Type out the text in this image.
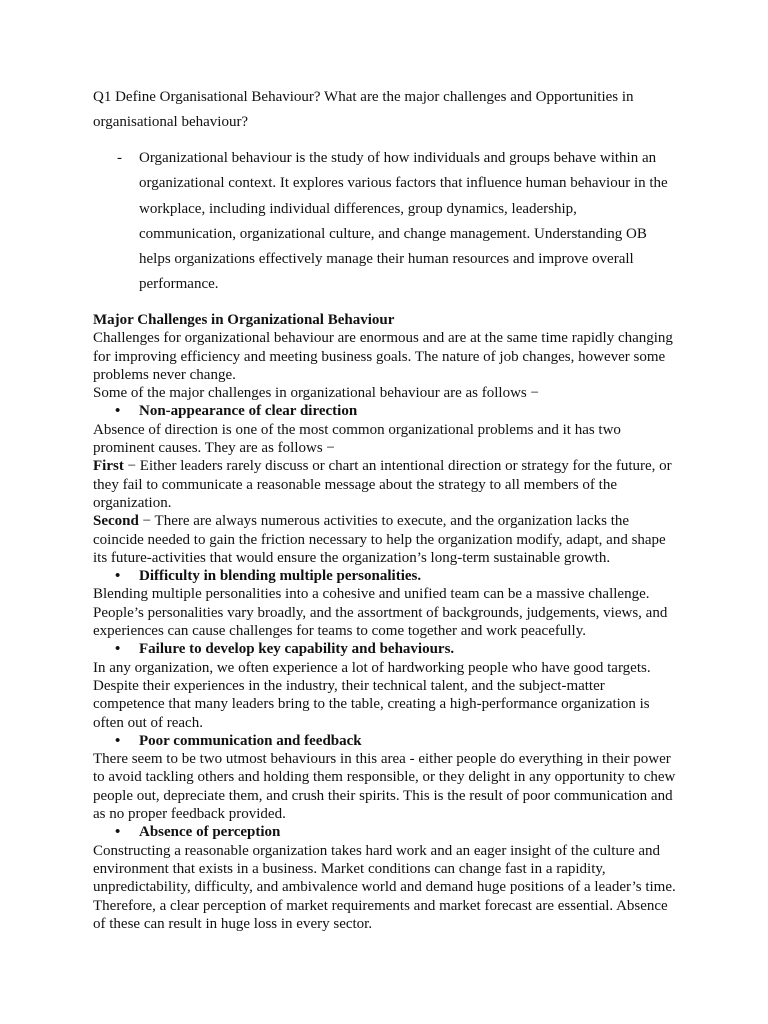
Q1 Define Organisational Behaviour? What are the major challenges and Opportunities in organisational behaviour?

-	Organizational behaviour is the study of how individuals and groups behave within an organizational context. It explores various factors that influence human behaviour in the workplace, including individual differences, group dynamics, leadership, communication, organizational culture, and change management. Understanding OB helps organizations effectively manage their human resources and improve overall performance.

Major Challenges in Organizational Behaviour

Challenges for organizational behaviour are enormous and are at the same time rapidly changing for improving efficiency and meeting business goals. The nature of job changes, however some problems never change.

Some of the major challenges in organizational behaviour are as follows −

•	Non-appearance of clear direction

Absence of direction is one of the most common organizational problems and it has two prominent causes. They are as follows −

First − Either leaders rarely discuss or chart an intentional direction or strategy for the future, or they fail to communicate a reasonable message about the strategy to all members of the organization.

Second − There are always numerous activities to execute, and the organization lacks the coincide needed to gain the friction necessary to help the organization modify, adapt, and shape its future-activities that would ensure the organization’s long-term sustainable growth.

•	Difficulty in blending multiple personalities.

Blending multiple personalities into a cohesive and unified team can be a massive challenge. People’s personalities vary broadly, and the assortment of backgrounds, judgements, views, and experiences can cause challenges for teams to come together and work peacefully.

•	Failure to develop key capability and behaviours.

In any organization, we often experience a lot of hardworking people who have good targets. Despite their experiences in the industry, their technical talent, and the subject-matter competence that many leaders bring to the table, creating a high-performance organization is often out of reach.

•	Poor communication and feedback

There seem to be two utmost behaviours in this area - either people do everything in their power to avoid tackling others and holding them responsible, or they delight in any opportunity to chew people out, depreciate them, and crush their spirits. This is the result of poor communication and as no proper feedback provided.

•	Absence of perception

Constructing a reasonable organization takes hard work and an eager insight of the culture and environment that exists in a business. Market conditions can change fast in a rapidity, unpredictability, difficulty, and ambivalence world and demand huge positions of a leader’s time. Therefore, a clear perception of market requirements and market forecast are essential. Absence of these can result in huge loss in every sector.
